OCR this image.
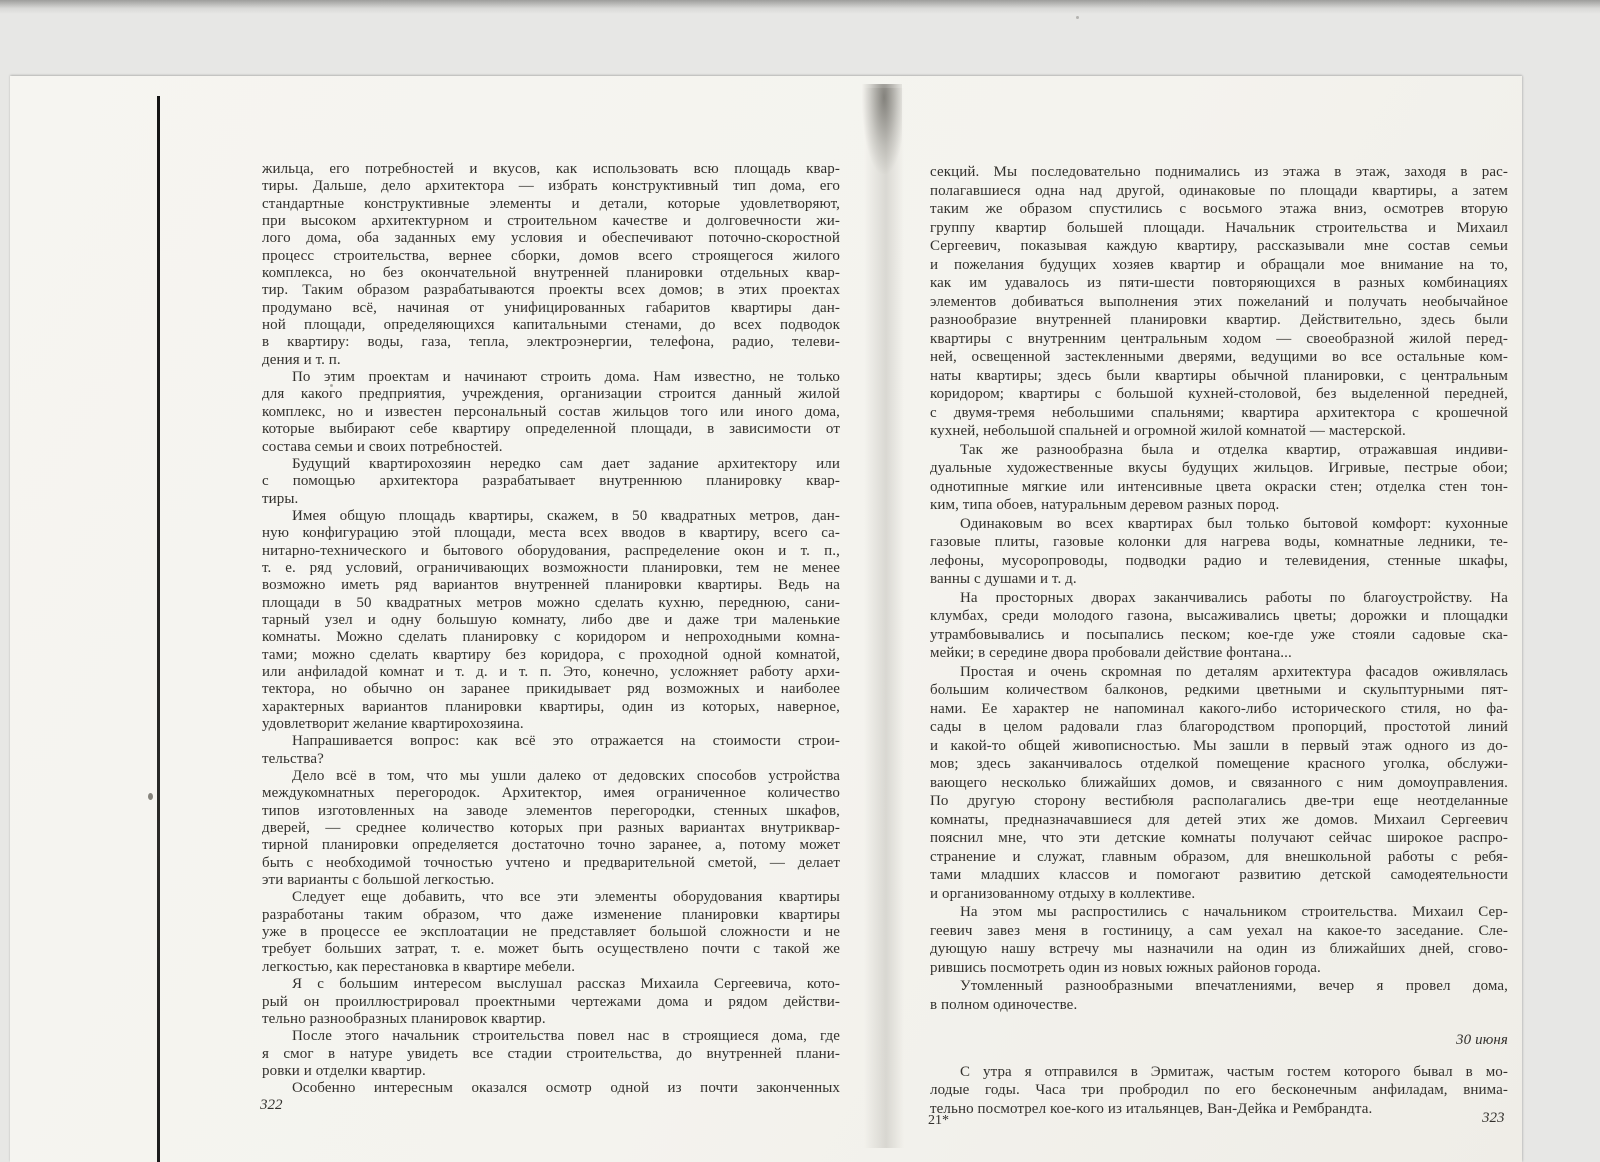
жильца, его потребностей и вкусов, как использовать всю площадь квар-
тиры. Дальше, дело архитектора — избрать конструктивный тип дома, его
стандартные конструктивные элементы и детали, которые удовлетворяют,
при высоком архитектурном и строительном качестве и долговечности жи-
лого дома, оба заданных ему условия и обеспечивают поточно-скоростной
процесс строительства, вернее сборки, домов всего строящегося жилого
комплекса, но без окончательной внутренней планировки отдельных квар-
тир. Таким образом разрабатываются проекты всех домов; в этих проектах
продумано всё, начиная от унифицированных габаритов квартиры дан-
ной площади, определяющихся капитальными стенами, до всех подводок
в квартиру: воды, газа, тепла, электроэнергии, телефона, радио, телеви-
дения и т. п.
По этим проектам и начинают строить дома. Нам известно, не только
для какого предприятия, учреждения, организации строится данный жилой
комплекс, но и известен персональный состав жильцов того или иного дома,
которые выбирают себе квартиру определенной площади, в зависимости от
состава семьи и своих потребностей.
Будущий квартирохозяин нередко сам дает задание архитектору или
с помощью архитектора разрабатывает внутреннюю планировку квар-
тиры.
Имея общую площадь квартиры, скажем, в 50 квадратных метров, дан-
ную конфигурацию этой площади, места всех вводов в квартиру, всего са-
нитарно-технического и бытового оборудования, распределение окон и т. п.,
т. е. ряд условий, ограничивающих возможности планировки, тем не менее
возможно иметь ряд вариантов внутренней планировки квартиры. Ведь на
площади в 50 квадратных метров можно сделать кухню, переднюю, сани-
тарный узел и одну большую комнату, либо две и даже три маленькие
комнаты. Можно сделать планировку с коридором и непроходными комна-
тами; можно сделать квартиру без коридора, с проходной одной комнатой,
или анфиладой комнат и т. д. и т. п. Это, конечно, усложняет работу архи-
тектора, но обычно он заранее прикидывает ряд возможных и наиболее
характерных вариантов планировки квартиры, один из которых, наверное,
удовлетворит желание квартирохозяина.
Напрашивается вопрос: как всё это отражается на стоимости строи-
тельства?
Дело всё в том, что мы ушли далеко от дедовских способов устройства
междукомнатных перегородок. Архитектор, имея ограниченное количество
типов изготовленных на заводе элементов перегородки, стенных шкафов,
дверей, — среднее количество которых при разных вариантах внутриквар-
тирной планировки определяется достаточно точно заранее, а, потому может
быть с необходимой точностью учтено и предварительной сметой, — делает
эти варианты с большой легкостью.
Следует еще добавить, что все эти элементы оборудования квартиры
разработаны таким образом, что даже изменение планировки квартиры
уже в процессе ее эксплоатации не представляет большой сложности и не
требует больших затрат, т. е. может быть осуществлено почти с такой же
легкостью, как перестановка в квартире мебели.
Я с большим интересом выслушал рассказ Михаила Сергеевича, кото-
рый он проиллюстрировал проектными чертежами дома и рядом действи-
тельно разнообразных планировок квартир.
После этого начальник строительства повел нас в строящиеся дома, где
я смог в натуре увидеть все стадии строительства, до внутренней плани-
ровки и отделки квартир.
Особенно интересным оказался осмотр одной из почти законченных
секций. Мы последовательно поднимались из этажа в этаж, заходя в рас-
полагавшиеся одна над другой, одинаковые по площади квартиры, а затем
таким же образом спустились с восьмого этажа вниз, осмотрев вторую
группу квартир большей площади. Начальник строительства и Михаил
Сергеевич, показывая каждую квартиру, рассказывали мне состав семьи
и пожелания будущих хозяев квартир и обращали мое внимание на то,
как им удавалось из пяти-шести повторяющихся в разных комбинациях
элементов добиваться выполнения этих пожеланий и получать необычайное
разнообразие внутренней планировки квартир. Действительно, здесь были
квартиры с внутренним центральным ходом — своеобразной жилой перед-
ней, освещенной застекленными дверями, ведущими во все остальные ком-
наты квартиры; здесь были квартиры обычной планировки, с центральным
коридором; квартиры с большой кухней-столовой, без выделенной передней,
с двумя-тремя небольшими спальнями; квартира архитектора с крошечной
кухней, небольшой спальней и огромной жилой комнатой — мастерской.
Так же разнообразна была и отделка квартир, отражавшая индиви-
дуальные художественные вкусы будущих жильцов. Игривые, пестрые обои;
однотипные мягкие или интенсивные цвета окраски стен; отделка стен тон-
ким, типа обоев, натуральным деревом разных пород.
Одинаковым во всех квартирах был только бытовой комфорт: кухонные
газовые плиты, газовые колонки для нагрева воды, комнатные ледники, те-
лефоны, мусоропроводы, подводки радио и телевидения, стенные шкафы,
ванны с душами и т. д.
На просторных дворах заканчивались работы по благоустройству. На
клумбах, среди молодого газона, высаживались цветы; дорожки и площадки
утрамбовывались и посыпались песком; кое-где уже стояли садовые ска-
мейки; в середине двора пробовали действие фонтана...
Простая и очень скромная по деталям архитектура фасадов оживлялась
большим количеством балконов, редкими цветными и скульптурными пят-
нами. Ее характер не напоминал какого-либо исторического стиля, но фа-
сады в целом радовали глаз благородством пропорций, простотой линий
и какой-то общей живописностью. Мы зашли в первый этаж одного из до-
мов; здесь заканчивалось отделкой помещение красного уголка, обслужи-
вающего несколько ближайших домов, и связанного с ним домоуправления.
По другую сторону вестибюля располагались две-три еще неотделанные
комнаты, предназначавшиеся для детей этих же домов. Михаил Сергеевич
пояснил мне, что эти детские комнаты получают сейчас широкое распро-
странение и служат, главным образом, для внешкольной работы с ребя-
тами младших классов и помогают развитию детской самодеятельности
и организованному отдыху в коллективе.
На этом мы распростились с начальником строительства. Михаил Сер-
геевич завез меня в гостиницу, а сам уехал на какое-то заседание. Сле-
дующую нашу встречу мы назначили на один из ближайших дней, сгово-
рившись посмотреть один из новых южных районов города.
Утомленный разнообразными впечатлениями, вечер я провел дома,
в полном одиночестве.
30 июня
С утра я отправился в Эрмитаж, частым гостем которого бывал в мо-
лодые годы. Часа три пробродил по его бесконечным анфиладам, внима-
тельно посмотрел кое-кого из итальянцев, Ван-Дейка и Рембрандта.
322
21*	323
